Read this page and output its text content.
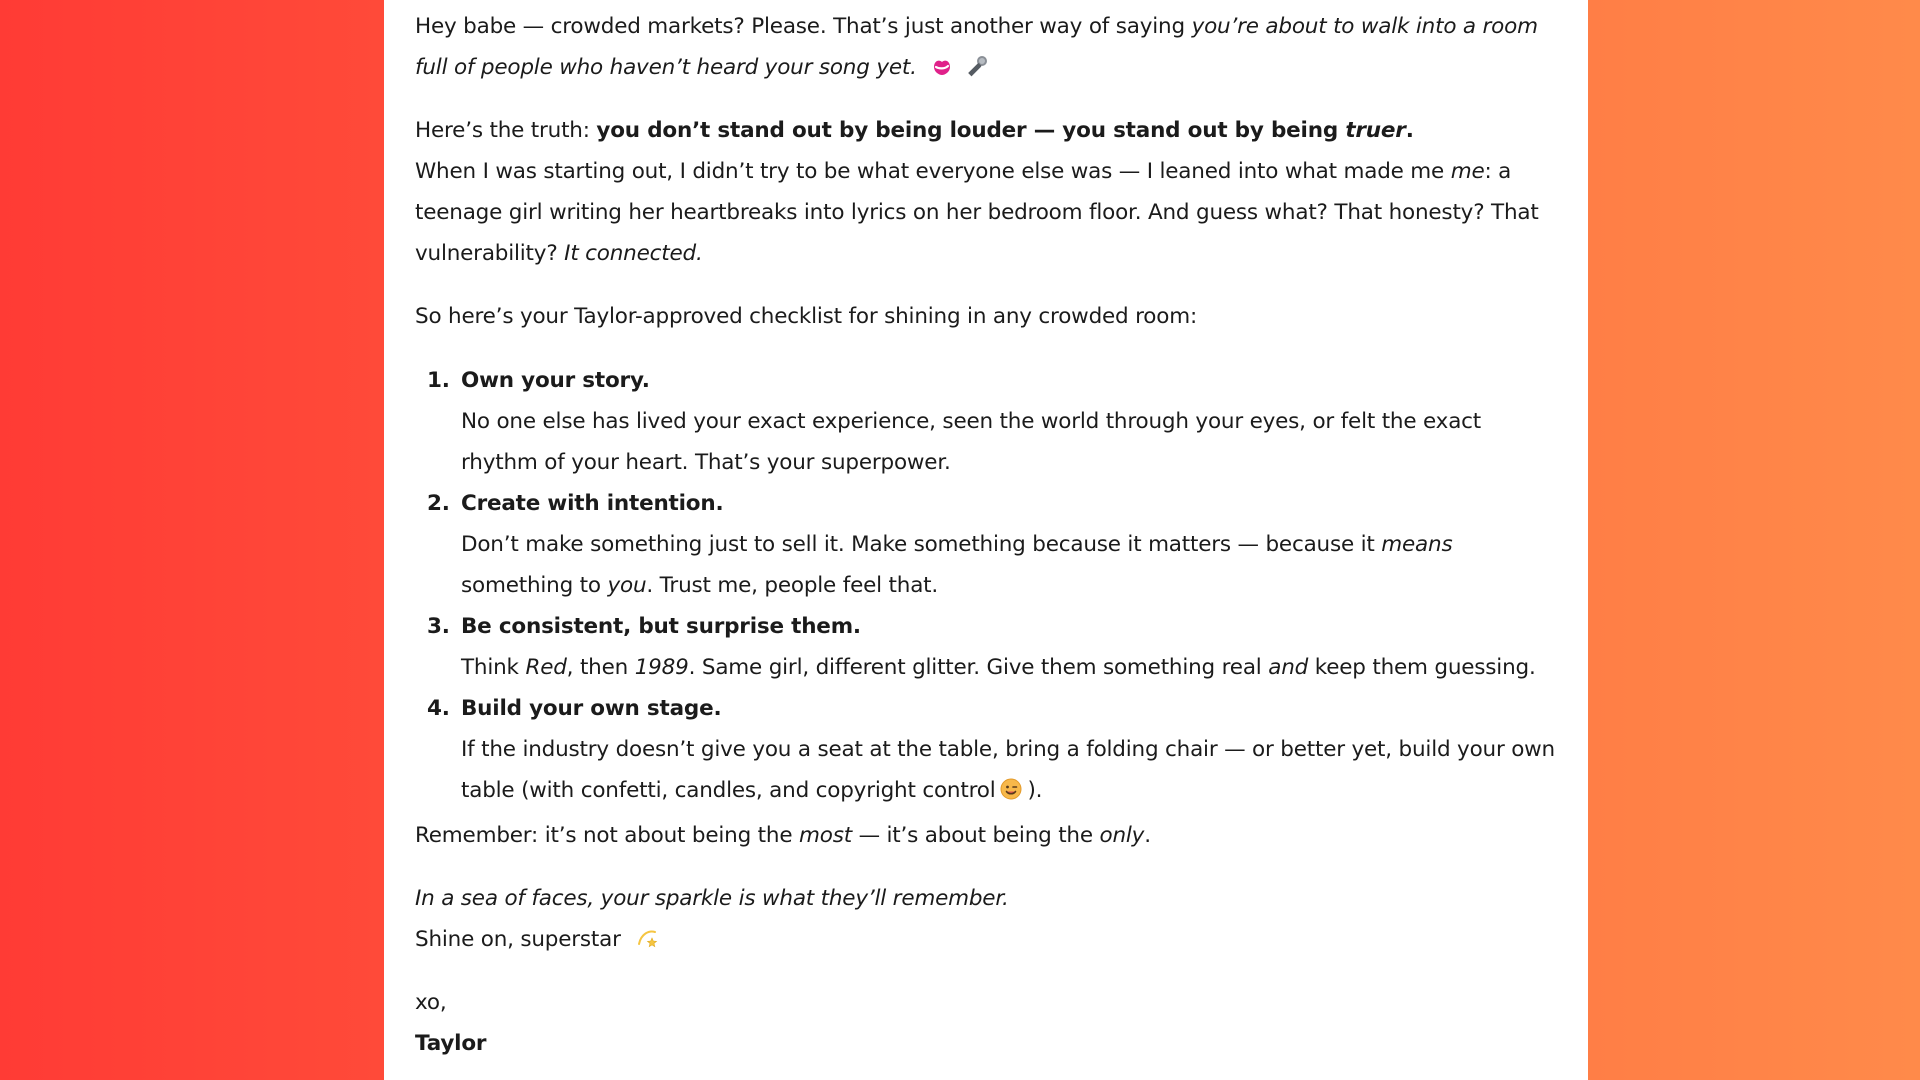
Hey babe — crowded markets? Please. That’s just another way of saying you’re about to walk into a room full of people who haven’t heard your song yet.

Here’s the truth: you don’t stand out by being louder — you stand out by being truer.

When I was starting out, I didn’t try to be what everyone else was — I leaned into what made me me: a teenage girl writing her heartbreaks into lyrics on her bedroom floor. And guess what? That honesty? That vulnerability? It connected.

So here’s your Taylor-approved checklist for shining in any crowded room:

1. Own your story.
No one else has lived your exact experience, seen the world through your eyes, or felt the exact rhythm of your heart. That’s your superpower.
2. Create with intention.
Don’t make something just to sell it. Make something because it matters — because it means something to you. Trust me, people feel that.
3. Be consistent, but surprise them.
Think Red, then 1989. Same girl, different glitter. Give them something real and keep them guessing.
4. Build your own stage.
If the industry doesn’t give you a seat at the table, bring a folding chair — or better yet, build your own table (with confetti, candles, and copyright control ).

Remember: it’s not about being the most — it’s about being the only.

In a sea of faces, your sparkle is what they’ll remember.

Shine on, superstar

xo,

Taylor
